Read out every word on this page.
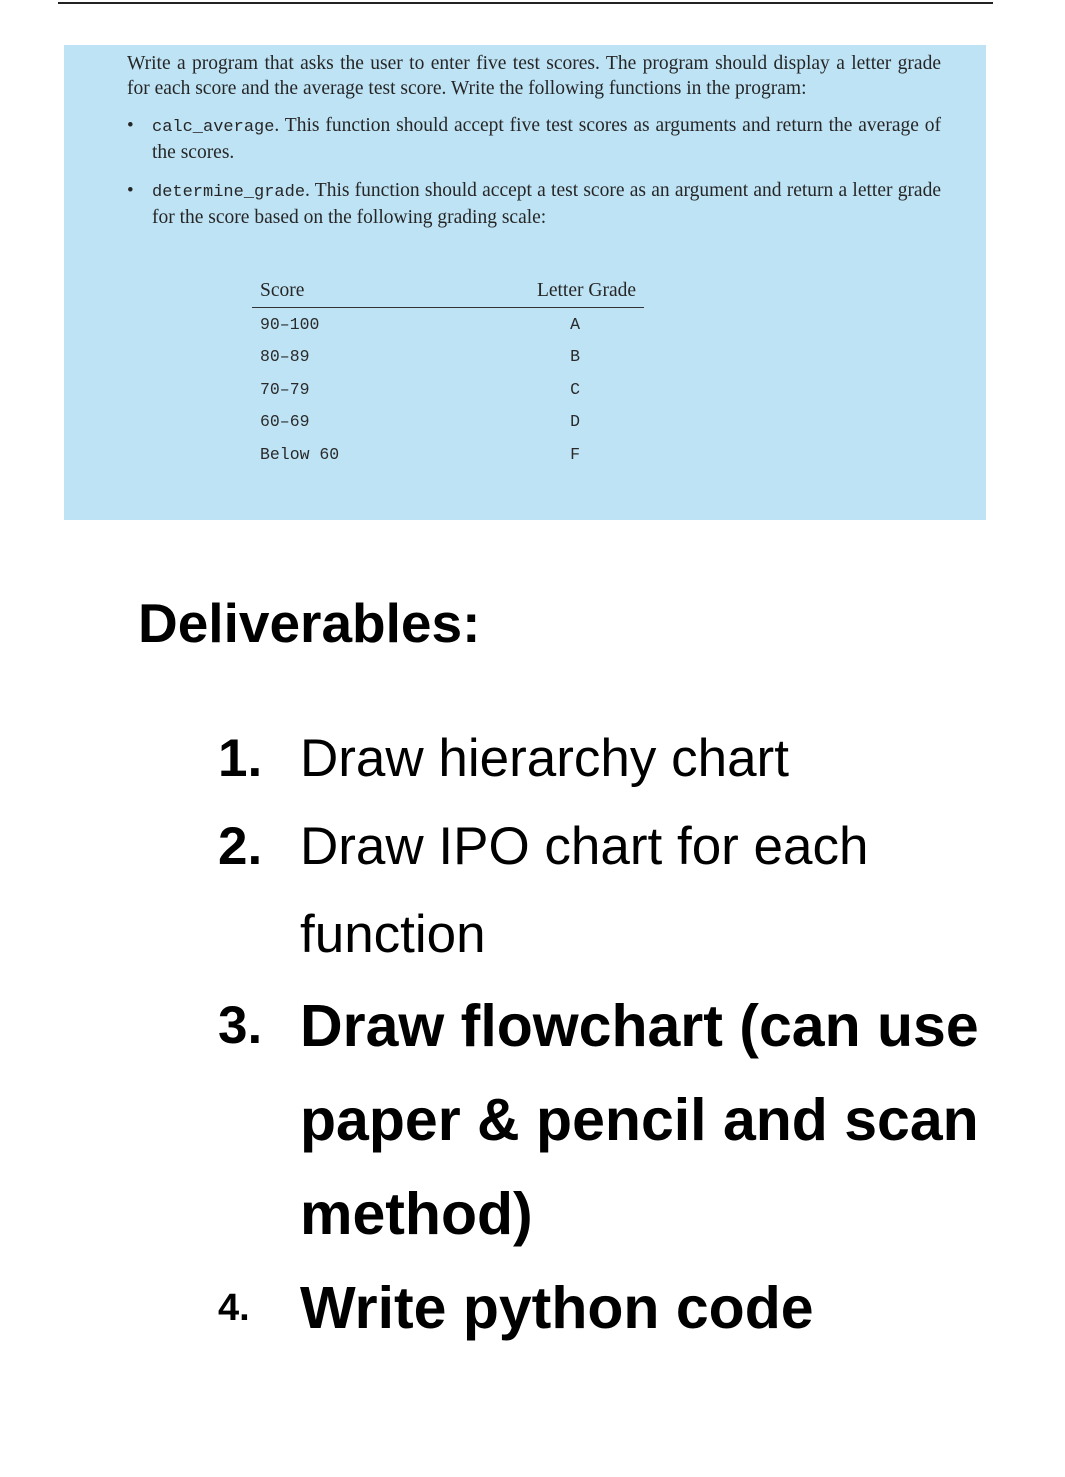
Write a program that asks the user to enter five test scores. The program should display a letter grade for each score and the average test score. Write the following functions in the program:

• calc_average. This function should accept five test scores as arguments and return the average of the scores.
• determine_grade. This function should accept a test score as an argument and return a letter grade for the score based on the following grading scale:
Score	Letter Grade
90–100	A
80–89	B
70–79	C
60–69	D
Below 60	F
Deliverables:
1. Draw hierarchy chart
2. Draw IPO chart for each function
3. Draw flowchart (can use paper & pencil and scan method)
4. Write python code
